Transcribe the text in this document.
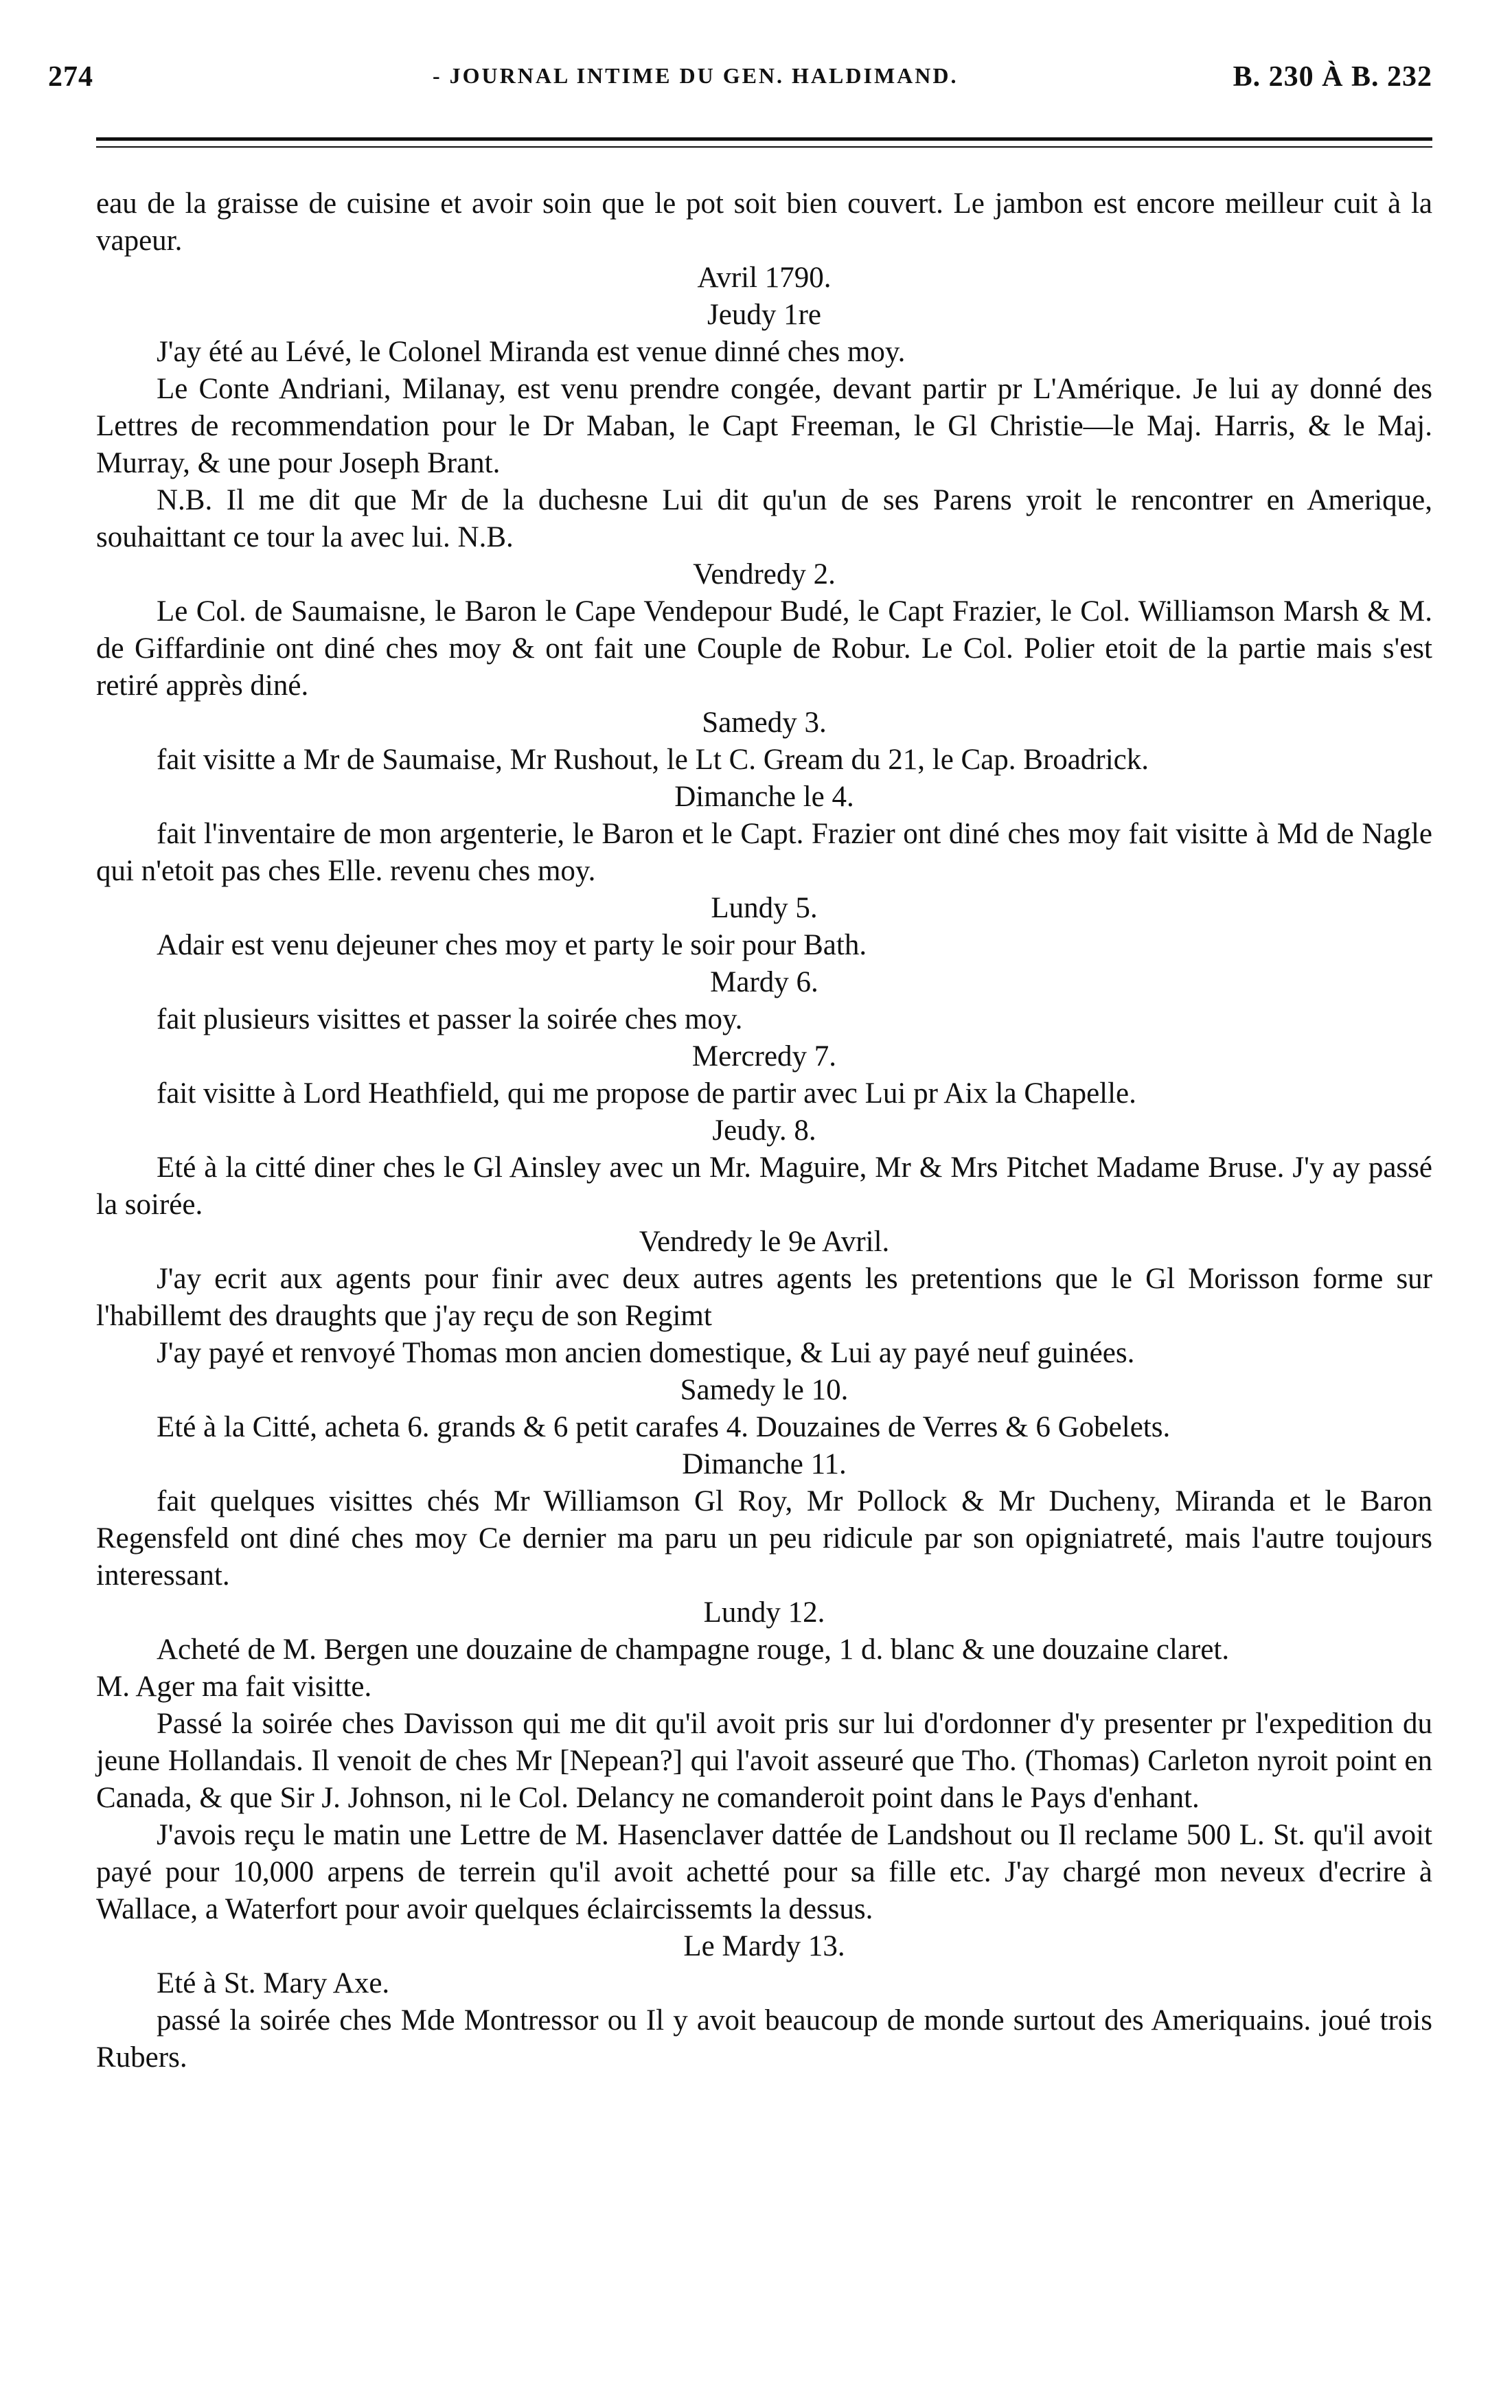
274	- JOURNAL INTIME DU GEN. HALDIMAND.	B. 230 À B. 232

eau de la graisse de cuisine et avoir soin que le pot soit bien couvert. Le jambon est encore meilleur cuit à la vapeur.

Avril 1790.

Jeudy 1re

J'ay été au Lévé, le Colonel Miranda est venue dinné ches moy.

Le Conte Andriani, Milanay, est venu prendre congée, devant partir pr L'Amérique. Je lui ay donné des Lettres de recommendation pour le Dr Maban, le Capt Freeman, le Gl Christie—le Maj. Harris, & le Maj. Murray, & une pour Joseph Brant.

N.B. Il me dit que Mr de la duchesne Lui dit qu'un de ses Parens yroit le rencontrer en Amerique, souhaittant ce tour la avec lui. N.B.

Vendredy 2.

Le Col. de Saumaisne, le Baron le Cape Vendepour Budé, le Capt Frazier, le Col. Williamson Marsh & M. de Giffardinie ont diné ches moy & ont fait une Couple de Robur. Le Col. Polier etoit de la partie mais s'est retiré apprès diné.

Samedy 3.

fait visitte a Mr de Saumaise, Mr Rushout, le Lt C. Gream du 21, le Cap. Broadrick.

Dimanche le 4.

fait l'inventaire de mon argenterie, le Baron et le Capt. Frazier ont diné ches moy fait visitte à Md de Nagle qui n'etoit pas ches Elle. revenu ches moy.

Lundy 5.

Adair est venu dejeuner ches moy et party le soir pour Bath.

Mardy 6.

fait plusieurs visittes et passer la soirée ches moy.

Mercredy 7.

fait visitte à Lord Heathfield, qui me propose de partir avec Lui pr Aix la Chapelle.

Jeudy. 8.

Eté à la citté diner ches le Gl Ainsley avec un Mr. Maguire, Mr & Mrs Pitchet Madame Bruse. J'y ay passé la soirée.

Vendredy le 9e Avril.

J'ay ecrit aux agents pour finir avec deux autres agents les pretentions que le Gl Morisson forme sur l'habillemt des draughts que j'ay reçu de son Regimt

J'ay payé et renvoyé Thomas mon ancien domestique, & Lui ay payé neuf guinées.

Samedy le 10.

Eté à la Citté, acheta 6. grands & 6 petit carafes 4. Douzaines de Verres & 6 Gobelets.

Dimanche 11.

fait quelques visittes chés Mr Williamson Gl Roy, Mr Pollock & Mr Ducheny, Miranda et le Baron Regensfeld ont diné ches moy Ce dernier ma paru un peu ridicule par son opigniatreté, mais l'autre toujours interessant.

Lundy 12.

Acheté de M. Bergen une douzaine de champagne rouge, 1 d. blanc & une douzaine claret.

M. Ager ma fait visitte.

Passé la soirée ches Davisson qui me dit qu'il avoit pris sur lui d'ordonner d'y presenter pr l'expedition du jeune Hollandais. Il venoit de ches Mr [Nepean?] qui l'avoit asseuré que Tho. (Thomas) Carleton nyroit point en Canada, & que Sir J. Johnson, ni le Col. Delancy ne comanderoit point dans le Pays d'enhant.

J'avois reçu le matin une Lettre de M. Hasenclaver dattée de Landshout ou Il reclame 500 L. St. qu'il avoit payé pour 10,000 arpens de terrein qu'il avoit achetté pour sa fille etc. J'ay chargé mon neveux d'ecrire à Wallace, a Waterfort pour avoir quelques éclaircissemts la dessus.

Le Mardy 13.

Eté à St. Mary Axe.

passé la soirée ches Mde Montressor ou Il y avoit beaucoup de monde surtout des Ameriquains. joué trois Rubers.
